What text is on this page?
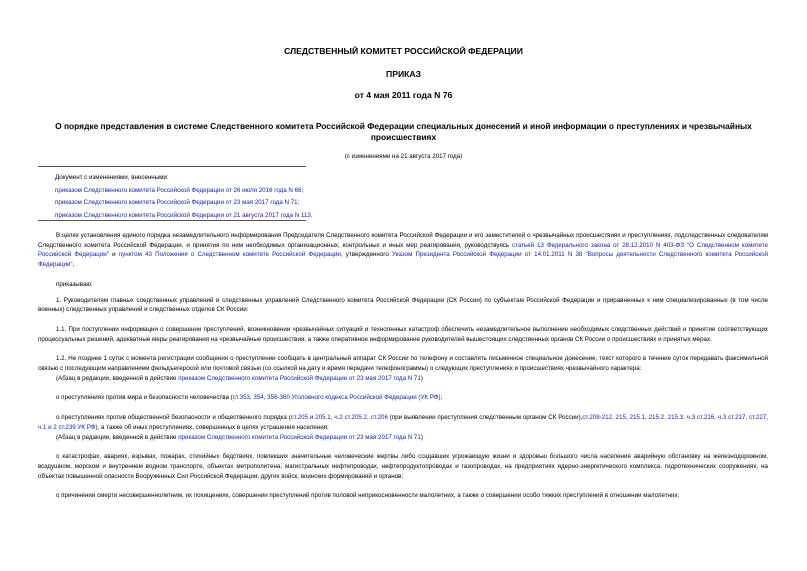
СЛЕДСТВЕННЫЙ КОМИТЕТ РОССИЙСКОЙ ФЕДЕРАЦИИ
ПРИКАЗ
от 4 мая 2011 года N 76
О порядке представления в системе Следственного комитета Российской Федерации специальных донесений и иной информации о преступлениях и чрезвычайных происшествиях
(с изменениями на 21 августа 2017 года)
Документ с изменениями, внесенными:
приказом Следственного комитета Российской Федерации от 26 июля 2016 года N 66;
приказом Следственного комитета Российской Федерации от 23 мая 2017 года N 71;
приказом Следственного комитета Российской Федерации от 21 августа 2017 года N 113.

В целях установления единого порядка незамедлительного информирования Председателя Следственного комитета Российской Федерации и его заместителей о чрезвычайных происшествиях и преступлениях, подследственных следователям Следственного комитета Российской Федерации, и принятия по ним необходимых организационных, контрольных и иных мер реагирования, руководствуясь статьей 13 Федерального закона от 28.12.2010 N 403-ФЗ "О Следственном комитете Российской Федерации" и пунктом 43 Положения о Следственном комитете Российской Федерации, утвержденного Указом Президента Российской Федерации от 14.01.2011 N 38 "Вопросы деятельности Следственного комитета Российской Федерации",

приказываю:

1. Руководителям главных следственных управлений и следственных управлений Следственного комитета Российской Федерации (СК России) по субъектам Российской Федерации и приравненных к ним специализированных (в том числе военных) следственных управлений и следственных отделов СК России:

1.1. При поступлении информации о совершении преступлений, возникновении чрезвычайных ситуаций и техногенных катастроф обеспечить незамедлительное выполнение необходимых следственных действий и принятие соответствующих процессуальных решений, адекватные меры реагирования на чрезвычайные происшествия, а также оперативное информирование руководителей вышестоящих следственных органов СК России о происшествиях и принятых мерах.

1.2. Не позднее 1 суток с момента регистрации сообщения о преступлении сообщать в центральный аппарат СК России по телефону и составлять письменное специальное донесение, текст которого в течение суток передавать факсимильной связью с последующим направлением фельдъегерской или почтовой связью (со ссылкой на дату и время передачи телефонограммы) о следующих преступлениях и происшествиях чрезвычайного характера:

(Абзац в редакции, введенной в действие приказом Следственного комитета Российской Федерации от 23 мая 2017 года N 71)

о преступлениях против мира и безопасности человечества (ст.353, 354, 356-360 Уголовного кодекса Российской Федерации (УК РФ);

о преступлениях против общественной безопасности и общественного порядка (ст.205 и 205.1, ч.2 ст.205.2, ст.206 (при выявлении преступления следственным органом СК России),ст.208-212, 215, 215.1, 215.2, 215.3, ч.3 ст.216, ч.3 ст.217, ст.227, ч.1 и 2 ст.239 УК РФ), а также об иных преступлениях, совершенных в целях устрашения населения;

(Абзац в редакции, введенной в действие приказом Следственного комитета Российской Федерации от 23 мая 2017 года N 71)

о катастрофах, авариях, взрывах, пожарах, стихийных бедствиях, повлекших значительные человеческие жертвы либо создавших угрожающую жизни и здоровью большого числа населения аварийную обстановку на железнодорожном, воздушном, морском и внутреннем водном транспорте, объектах метрополитена, магистральных нефтепроводах, нефтепродуктопроводах и газопроводах, на предприятиях ядерно-энергетического комплекса, гидротехнических сооружениях, на объектах повышенной опасности Вооруженных Сил Российской Федерации, других войск, воинских формирований и органов;

о причинении смерти несовершеннолетним, их похищениях, совершении преступлений против половой неприкосновенности малолетних, а также о совершении особо тяжких преступлений в отношении малолетних;
